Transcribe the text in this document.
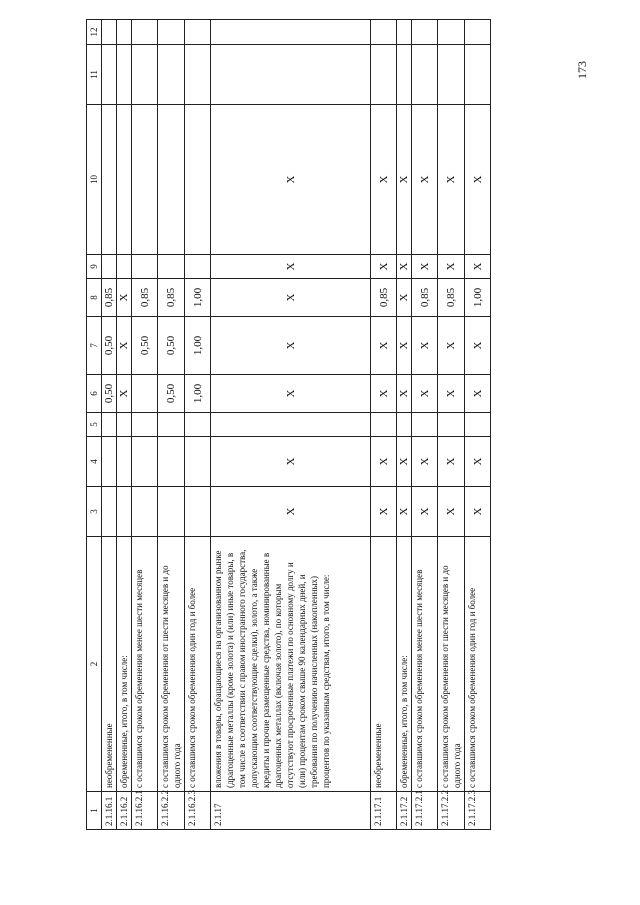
173
1	2	3	4	5	6	7	8	9	10	11	12
2.1.16.1	необремененные				0,50	0,50	0,85				
2.1.16.2	обремененные, итого, в том числе:				X	X	X				
2.1.16.2.1	с оставшимся сроком обременения менее шести месяцев					0,50	0,85				
2.1.16.2.2	с оставшимся сроком обременения от шести месяцев и до одного года				0,50	0,50	0,85				
2.1.16.2.3	с оставшимся сроком обременения один год и более				1,00	1,00	1,00				
2.1.17	вложения в товары, обращающиеся на организованном рынке (драгоценные металлы (кроме золота) и (или) иные товары, в том числе в соответствии с правом иностранного государства, допускающим соответствующие сделки), золото, а также кредиты и прочие размещенные средства, номинированные в драгоценных металлах (включая золото), по которым отсутствуют просроченные платежи по основному долгу и (или) процентам сроком свыше 90 календарных дней, и требования по получению начисленных (накопленных) процентов по указанным средствам, итого, в том числе:	X	X		X	X	X	X	X		
2.1.17.1	необремененные	X	X		X	X	0,85	X	X		
2.1.17.2	обремененные, итого, в том числе:	X	X		X	X	X	X	X		
2.1.17.2.1	с оставшимся сроком обременения менее шести месяцев	X	X		X	X	0,85	X	X		
2.1.17.2.2	с оставшимся сроком обременения от шести месяцев и до одного года	X	X		X	X	0,85	X	X		
2.1.17.2.3	с оставшимся сроком обременения один год и более	X	X		X	X	1,00	X	X		
